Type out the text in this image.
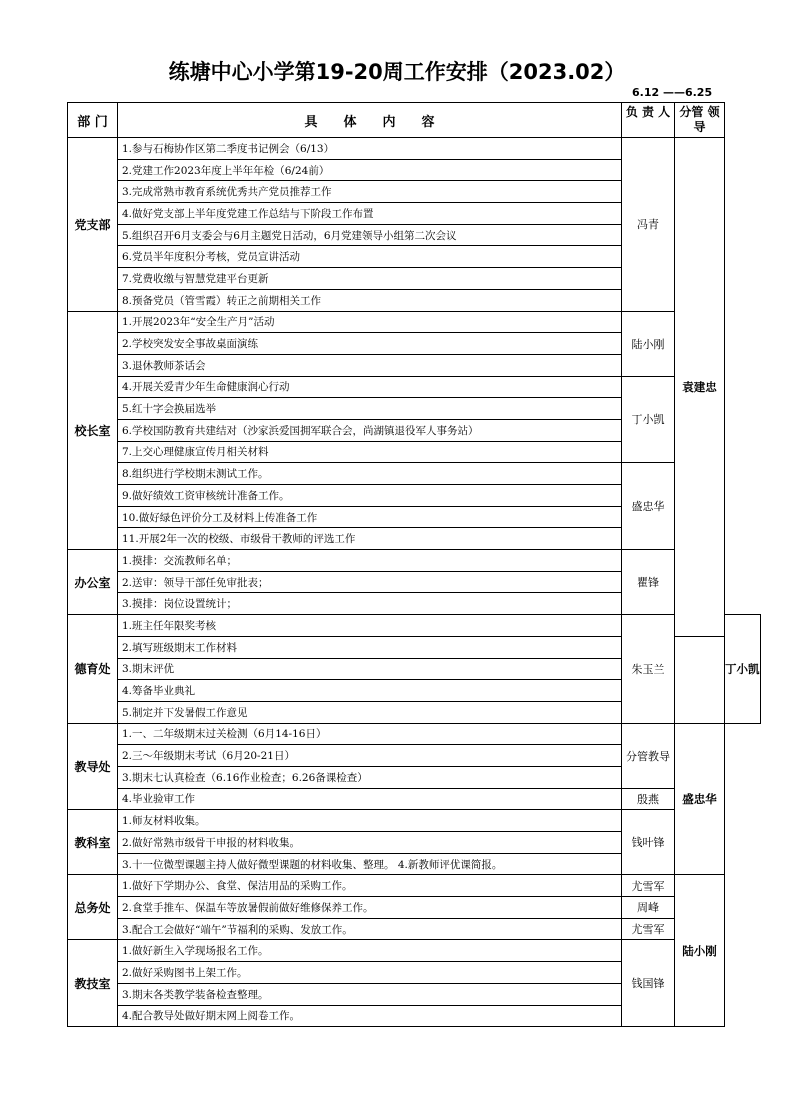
练塘中心小学第19-20周工作安排（2023.02）
6.12 ——6.25
部 门	具　　体　　内　　容	负 责 人	分管 领导	
党支部	1.参与石梅协作区第二季度书记例会（6/13）	冯青	袁建忠	
	2.党建工作2023年度上半年年检（6/24前）			
	3.完成常熟市教育系统优秀共产党员推荐工作			
	4.做好党支部上半年度党建工作总结与下阶段工作布置			
	5.组织召开6月支委会与6月主题党日活动，6月党建领导小组第二次会议			
	6.党员半年度积分考核，党员宣讲活动			
	7.党费收缴与智慧党建平台更新			
	8.预备党员（管雪霞）转正之前期相关工作			
校长室	1.开展2023年“安全生产月”活动	陆小刚		
	2.学校突发安全事故桌面演练			
	3.退休教师茶话会			
	4.开展关爱青少年生命健康润心行动	丁小凯		
	5.红十字会换届选举			
	6.学校国防教育共建结对（沙家浜爱国拥军联合会，尚湖镇退役军人事务站）			
	7.上交心理健康宣传月相关材料			
	8.组织进行学校期末测试工作。	盛忠华		
	9.做好绩效工资审核统计准备工作。			
	10.做好绿色评价分工及材料上传准备工作			
	11.开展2年一次的校级、市级骨干教师的评选工作			
办公室	1.摸排：交流教师名单；	瞿锋		
	2.送审：领导干部任免审批表；			
	3.摸排：岗位设置统计；			
德育处	1.班主任年限奖考核	朱玉兰		丁小凯
	2.填写班级期末工作材料			
	3.期末评优			
	4.筹备毕业典礼			
	5.制定并下发暑假工作意见			
教导处	1.一、二年级期末过关检测（6月14-16日）	分管教导	盛忠华	
	2.三～年级期末考试（6月20-21日）			
	3.期末七认真检查（6.16作业检查；6.26备课检查）			
	4.毕业验审工作	殷燕		
教科室	1.师友材料收集。	钱叶锋		
	2.做好常熟市级骨干申报的材料收集。			
	3.十一位微型课题主持人做好微型课题的材料收集、整理。 4.新教师评优课简报。			
总务处	1.做好下学期办公、食堂、保洁用品的采购工作。	尤雪军	陆小刚	
	2.食堂手推车、保温车等放暑假前做好维修保养工作。	周峰		
	3.配合工会做好“端午”节福利的采购、发放工作。	尤雪军		
教技室	1.做好新生入学现场报名工作。	钱国锋		
	2.做好采购图书上架工作。			
	3.期末各类教学装备检查整理。			
	4.配合教导处做好期末网上阅卷工作。			
